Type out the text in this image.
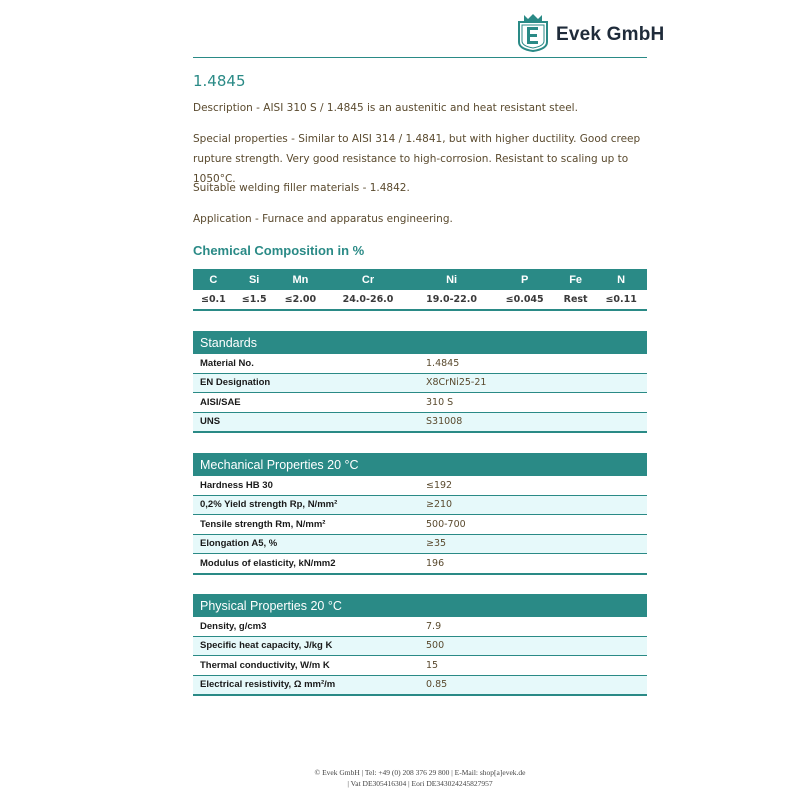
Evek GmbH
1.4845
Description - AISI 310 S / 1.4845 is an austenitic and heat resistant steel.
Special properties - Similar to AISI 314 / 1.4841, but with higher ductility. Good creep rupture strength. Very good resistance to high-corrosion. Resistant to scaling up to 1050°C.
Suitable welding filler materials - 1.4842.
Application - Furnace and apparatus engineering.
Chemical Composition in %
C	Si	Mn	Cr	Ni	P	Fe	N
≤0.1	≤1.5	≤2.00	24.0-26.0	19.0-22.0	≤0.045	Rest	≤0.11
Standards	
Material No.	1.4845
EN Designation	X8CrNi25-21
AISI/SAE	310 S
UNS	S31008
Mechanical Properties 20 °C	
Hardness HB 30	≤192
0,2% Yield strength Rp, N/mm²	≥210
Tensile strength Rm, N/mm²	500-700
Elongation A5, %	≥35
Modulus of elasticity, kN/mm2	196
Physical Properties 20 °C	
Density, g/cm3	7.9
Specific heat capacity, J/kg K	500
Thermal conductivity, W/m K	15
Electrical resistivity, Ω mm²/m	0.85
© Evek GmbH | Tel: +49 (0) 208 376 29 800 | E-Mail: shop[a]evek.de
| Vat DE305416304 | Eori DE343024245827957
